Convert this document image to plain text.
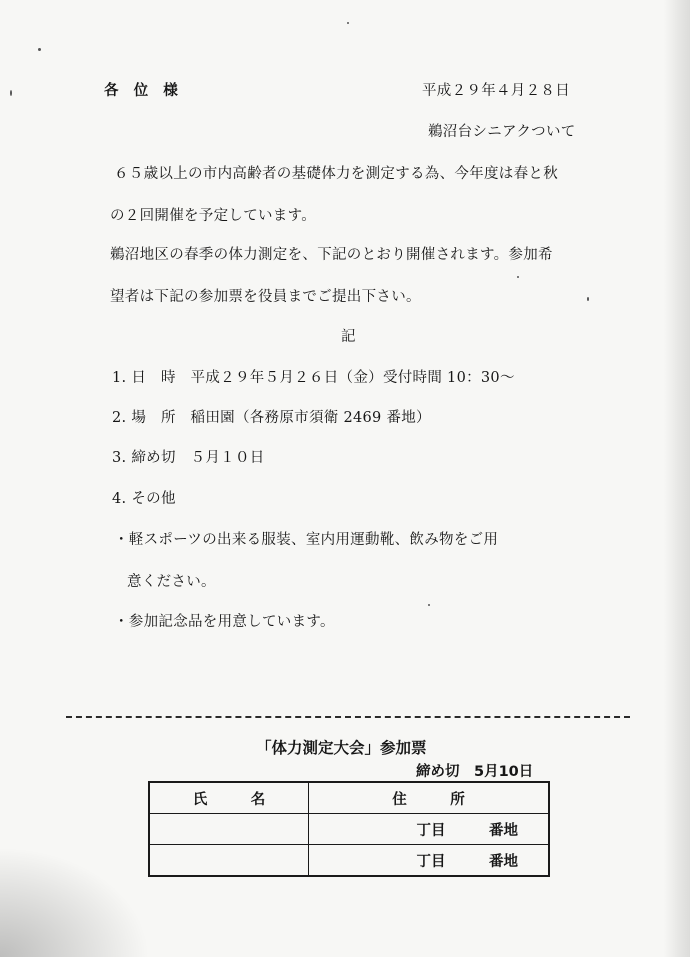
各　位　様	平成２９年４月２８日
鵜沼台シニアクついて
６５歳以上の市内高齢者の基礎体力を測定する為、今年度は春と秋
の２回開催を予定しています。
鵜沼地区の春季の体力測定を、下記のとおり開催されます。参加希
望者は下記の参加票を役員までご提出下さい。
記
1. 日　時　平成２９年５月２６日（金）受付時間 10：30～
2. 場　所　稲田園（各務原市須衛 2469 番地）
3. 締め切　５月１０日
4. その他
・軽スポーツの出来る服装、室内用運動靴、飲み物をご用
意ください。
・参加記念品を用意しています。
「体力測定大会」参加票
締め切　5月10日
氏　　　名	住　　　所
	丁目　　　番地
	丁目　　　番地
